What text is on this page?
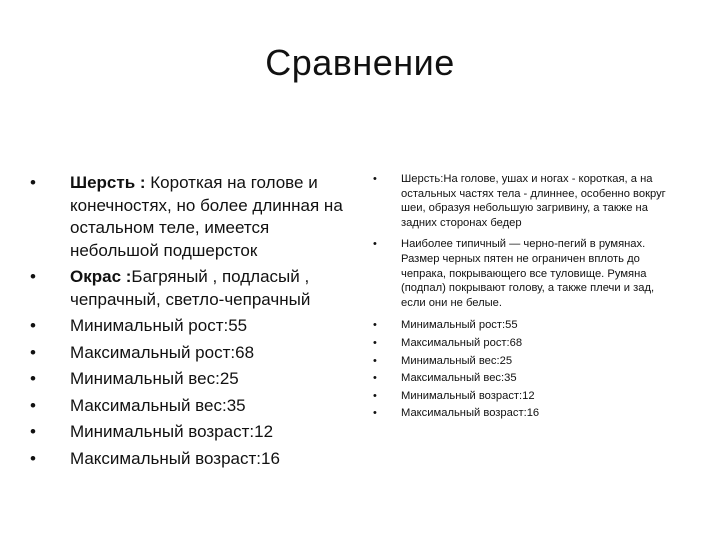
Сравнение
• Шерсть : Короткая на голове и конечностях, но более длинная на остальном теле, имеется небольшой подшерсток
• Окрас :Багряный , подласый , чепрачный, светло-чепрачный
• Минимальный рост:55
• Максимальный рост:68
• Минимальный вес:25
• Максимальный вес:35
• Минимальный возраст:12
• Максимальный возраст:16
• Шерсть:На голове, ушах и ногах - короткая, а на остальных частях тела - длиннее, особенно вокруг шеи, образуя небольшую загривину, а также на задних сторонах бедер
• Наиболее типичный — черно-пегий в румянах. Размер черных пятен не ограничен вплоть до чепрака, покрывающего все туловище. Румяна (подпал) покрывают голову, а также плечи и зад, если они не белые.
• Минимальный рост:55
• Максимальный рост:68
• Минимальный вес:25
• Максимальный вес:35
• Минимальный возраст:12
• Максимальный возраст:16
